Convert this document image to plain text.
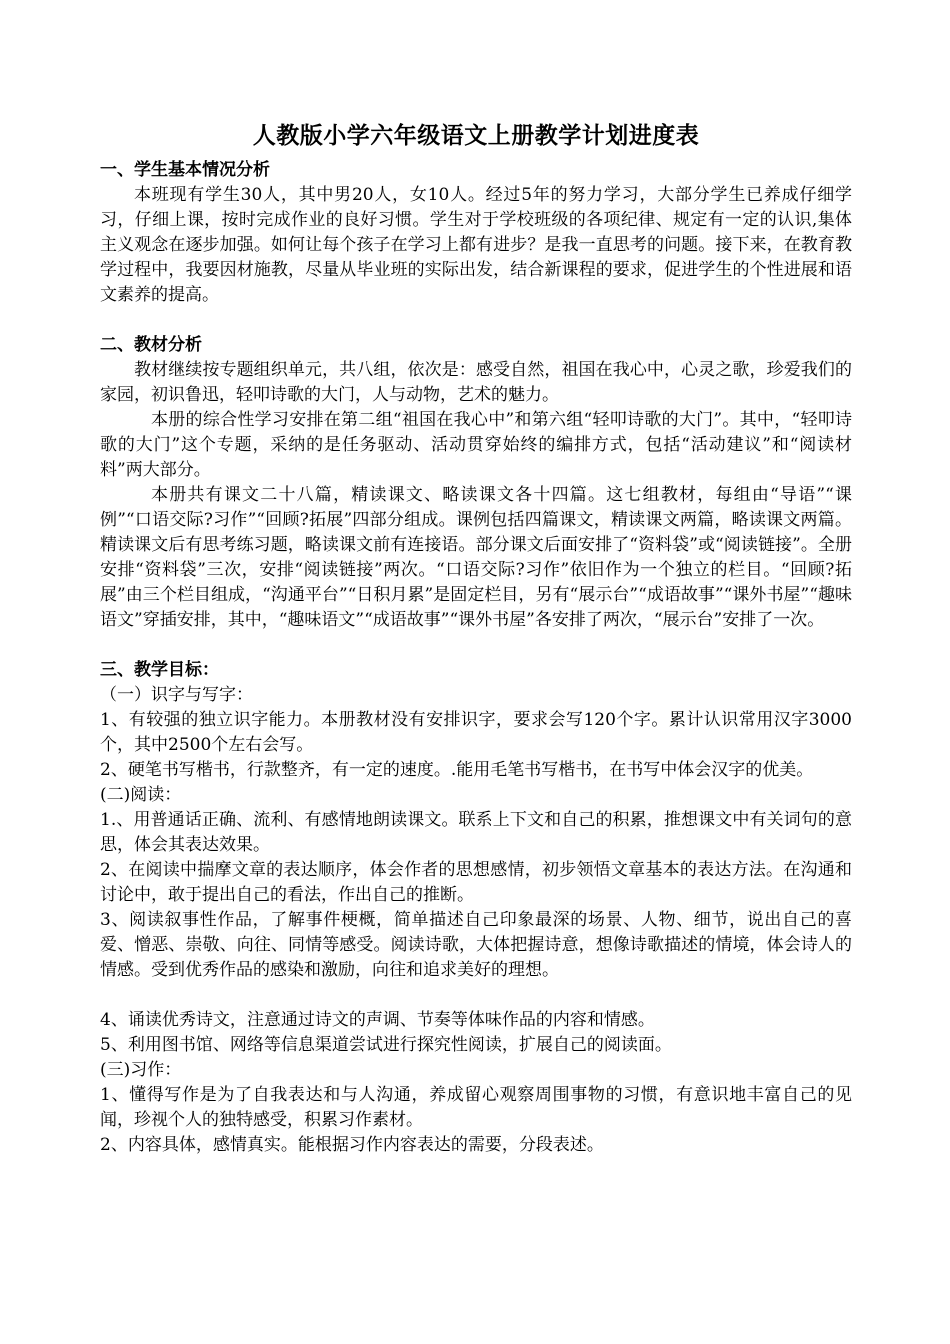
人教版小学六年级语文上册教学计划进度表

一、学生基本情况分析

本班现有学生30人，其中男20人，女10人。经过5年的努力学习，大部分学生已养成仔细学习，仔细上课，按时完成作业的良好习惯。学生对于学校班级的各项纪律、规定有一定的认识,集体主义观念在逐步加强。如何让每个孩子在学习上都有进步？是我一直思考的问题。接下来，在教育教学过程中，我要因材施教，尽量从毕业班的实际出发，结合新课程的要求，促进学生的个性进展和语文素养的提高。

二、教材分析

教材继续按专题组织单元，共八组，依次是：感受自然，祖国在我心中，心灵之歌，珍爱我们的家园，初识鲁迅，轻叩诗歌的大门，人与动物，艺术的魅力。

本册的综合性学习安排在第二组“祖国在我心中”和第六组“轻叩诗歌的大门”。其中，“轻叩诗歌的大门”这个专题，采纳的是任务驱动、活动贯穿始终的编排方式，包括“活动建议”和“阅读材料”两大部分。

本册共有课文二十八篇，精读课文、略读课文各十四篇。这七组教材，每组由“导语”“课例”“口语交际?习作”“回顾?拓展”四部分组成。课例包括四篇课文，精读课文两篇，略读课文两篇。精读课文后有思考练习题，略读课文前有连接语。部分课文后面安排了“资料袋”或“阅读链接”。全册安排“资料袋”三次，安排“阅读链接”两次。“口语交际?习作”依旧作为一个独立的栏目。“回顾?拓展”由三个栏目组成，“沟通平台”“日积月累”是固定栏目，另有“展示台”“成语故事”“课外书屋”“趣味语文”穿插安排，其中，“趣味语文”“成语故事”“课外书屋”各安排了两次，“展示台”安排了一次。

三、教学目标：

（一）识字与写字：

1、有较强的独立识字能力。本册教材没有安排识字，要求会写120个字。累计认识常用汉字3000个，其中2500个左右会写。

2、硬笔书写楷书，行款整齐，有一定的速度。.能用毛笔书写楷书，在书写中体会汉字的优美。

(二)阅读：

1.、用普通话正确、流利、有感情地朗读课文。联系上下文和自己的积累，推想课文中有关词句的意思，体会其表达效果。

2、在阅读中揣摩文章的表达顺序，体会作者的思想感情，初步领悟文章基本的表达方法。在沟通和讨论中，敢于提出自己的看法，作出自己的推断。

3、阅读叙事性作品，了解事件梗概，简单描述自己印象最深的场景、人物、细节，说出自己的喜爱、憎恶、崇敬、向往、同情等感受。阅读诗歌，大体把握诗意，想像诗歌描述的情境，体会诗人的情感。受到优秀作品的感染和激励，向往和追求美好的理想。

4、诵读优秀诗文，注意通过诗文的声调、节奏等体味作品的内容和情感。

5、利用图书馆、网络等信息渠道尝试进行探究性阅读，扩展自己的阅读面。

(三)习作：

1、懂得写作是为了自我表达和与人沟通，养成留心观察周围事物的习惯，有意识地丰富自己的见闻，珍视个人的独特感受，积累习作素材。

2、内容具体，感情真实。能根据习作内容表达的需要，分段表述。
